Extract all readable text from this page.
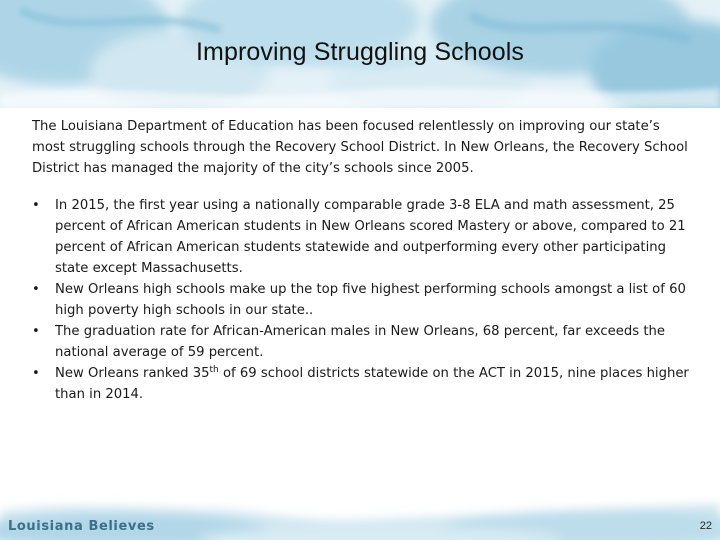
Improving Struggling Schools

The Louisiana Department of Education has been focused relentlessly on improving our state’s most struggling schools through the Recovery School District. In New Orleans, the Recovery School District has managed the majority of the city’s schools since 2005.

•	In 2015, the first year using a nationally comparable grade 3-8 ELA and math assessment, 25 percent of African American students in New Orleans scored Mastery or above, compared to 21 percent of African American students statewide and outperforming every other participating state except Massachusetts.
•	New Orleans high schools make up the top five highest performing schools amongst a list of 60 high poverty high schools in our state..
•	The graduation rate for African-American males in New Orleans, 68 percent, far exceeds the national average of 59 percent.
•	New Orleans ranked 35th of 69 school districts statewide on the ACT in 2015, nine places higher than in 2014.
Louisiana Believes	22
